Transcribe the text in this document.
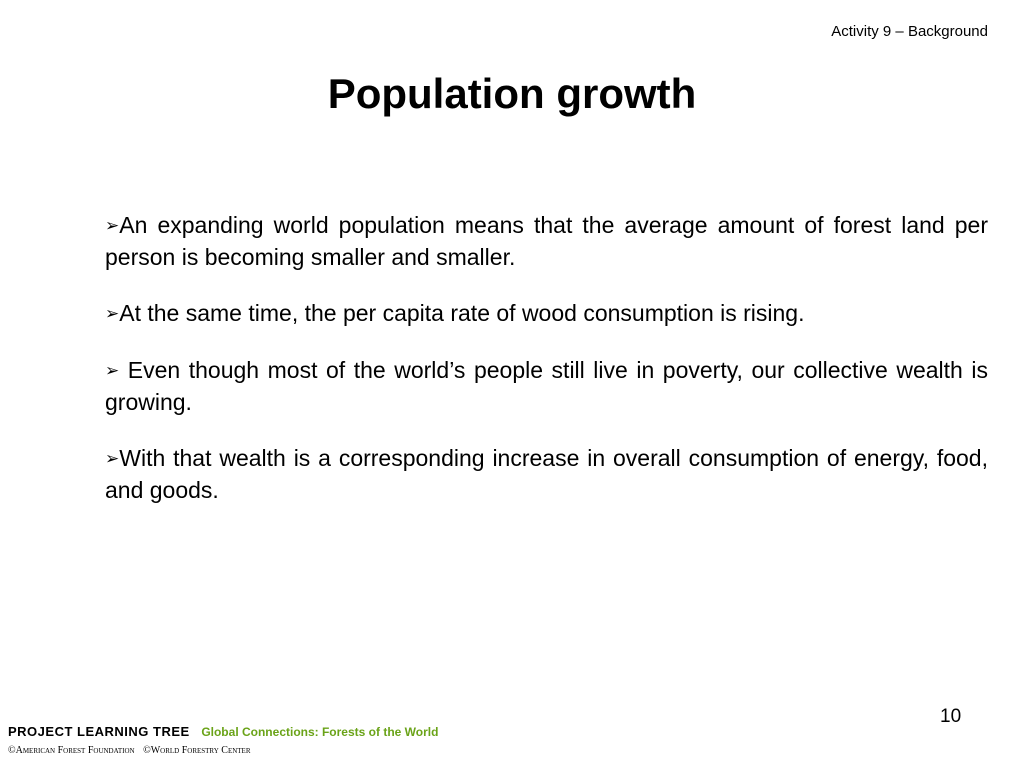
Activity 9 – Background
Population growth
➢An expanding world population means that the average amount of forest land per person is becoming smaller and smaller.
➢At the same time, the per capita rate of wood consumption is rising.
➢ Even though most of the world’s people still live in poverty, our collective wealth is growing.
➢With that wealth is a corresponding increase in overall consumption of energy, food, and goods.
10
PROJECT LEARNING TREE Global Connections: Forests of the World
©American Forest Foundation ©World Forestry Center
